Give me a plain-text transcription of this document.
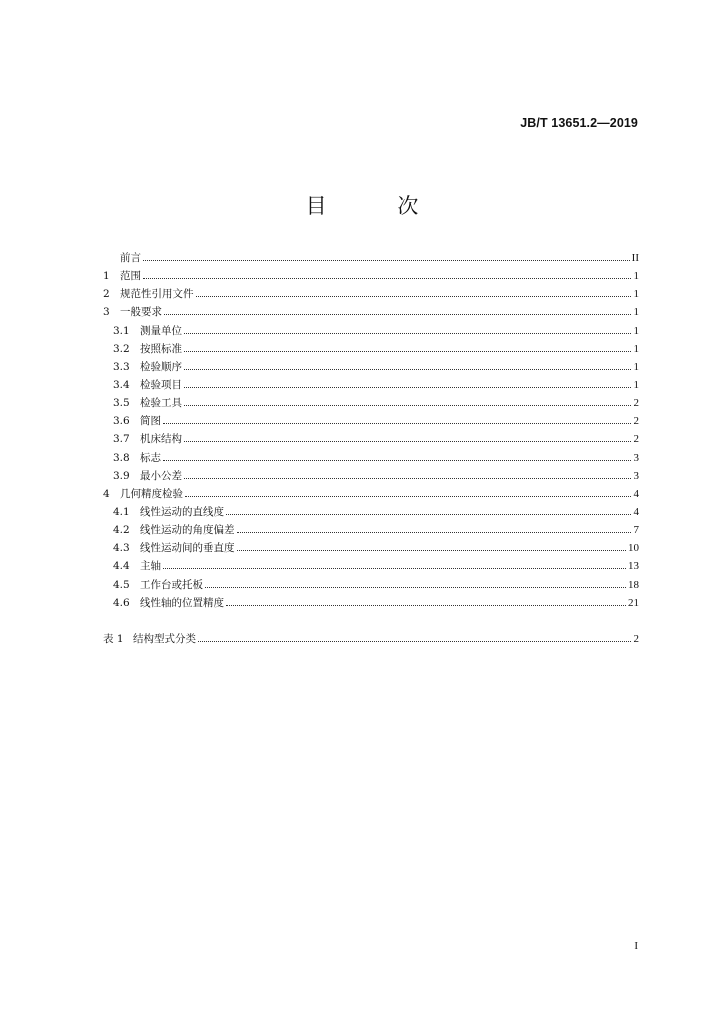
JB/T 13651.2—2019
目 次
前言	II
1 范围	1
2 规范性引用文件	1
3 一般要求	1
3.1 测量单位	1
3.2 按照标准	1
3.3 检验顺序	1
3.4 检验项目	1
3.5 检验工具	2
3.6 简图	2
3.7 机床结构	2
3.8 标志	3
3.9 最小公差	3
4 几何精度检验	4
4.1 线性运动的直线度	4
4.2 线性运动的角度偏差	7
4.3 线性运动间的垂直度	10
4.4 主轴	13
4.5 工作台或托板	18
4.6 线性轴的位置精度	21
表 1 结构型式分类	2
I
